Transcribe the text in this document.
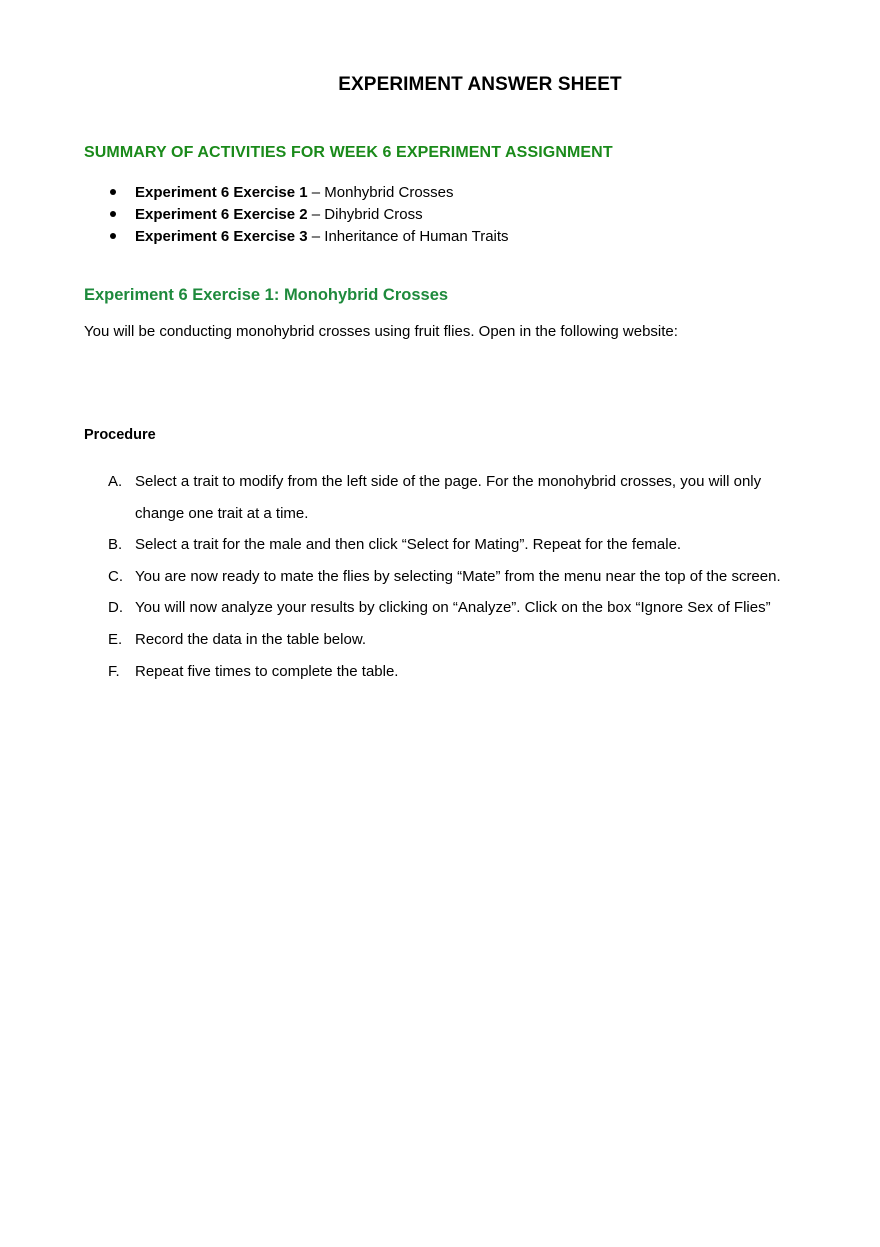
EXPERIMENT ANSWER SHEET
SUMMARY OF ACTIVITIES FOR WEEK 6 EXPERIMENT ASSIGNMENT
Experiment 6 Exercise 1 – Monhybrid Crosses
Experiment 6 Exercise 2 – Dihybrid Cross
Experiment 6 Exercise 3 – Inheritance of Human Traits
Experiment 6 Exercise 1: Monohybrid Crosses
You will be conducting monohybrid crosses using fruit flies. Open in the following website:
Procedure
A. Select a trait to modify from the left side of the page. For the monohybrid crosses, you will only change one trait at a time.
B. Select a trait for the male and then click “Select for Mating”. Repeat for the female.
C. You are now ready to mate the flies by selecting “Mate” from the menu near the top of the screen.
D. You will now analyze your results by clicking on “Analyze”. Click on the box “Ignore Sex of Flies”
E. Record the data in the table below.
F. Repeat five times to complete the table.
